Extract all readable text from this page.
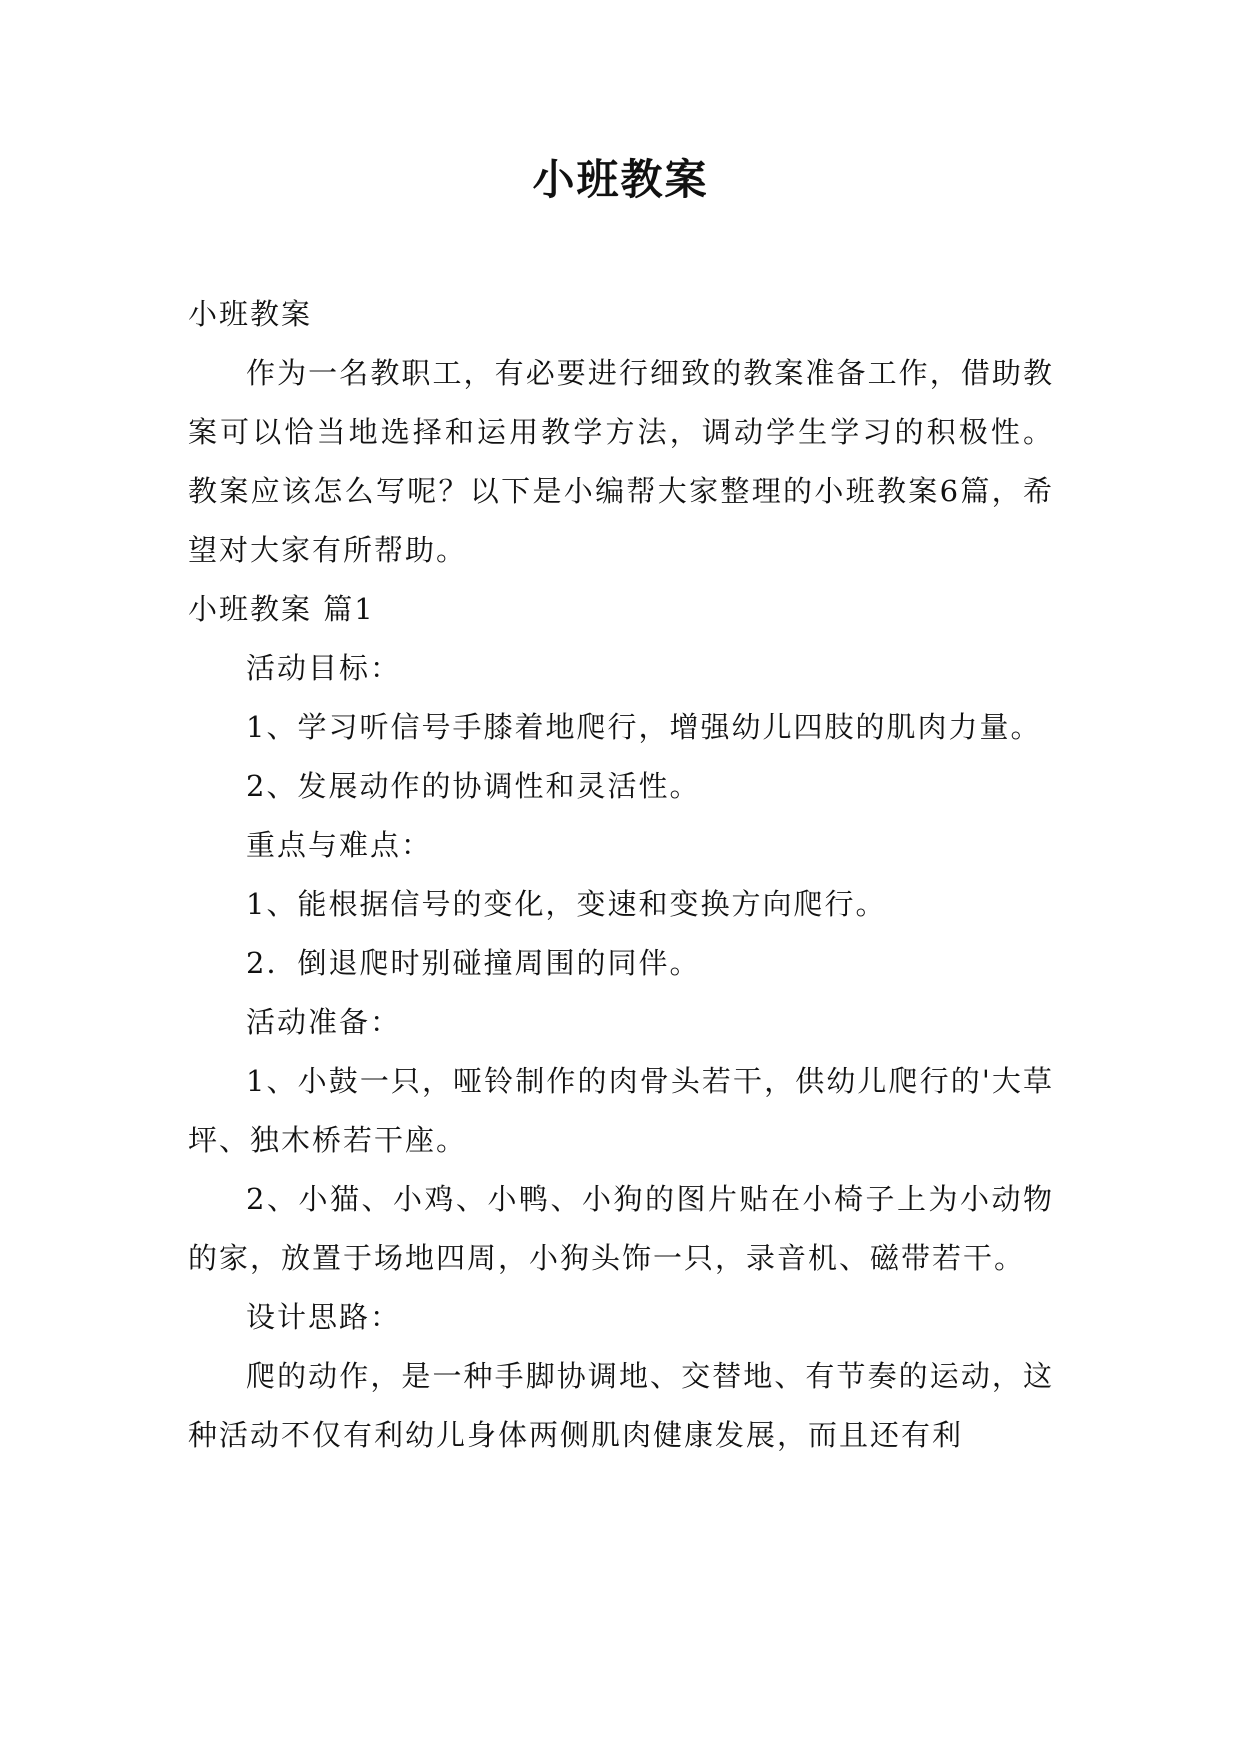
小班教案

小班教案

作为一名教职工，有必要进行细致的教案准备工作，借助教案可以恰当地选择和运用教学方法，调动学生学习的积极性。教案应该怎么写呢？以下是小编帮大家整理的小班教案6篇，希望对大家有所帮助。

小班教案 篇1

活动目标：

1、学习听信号手膝着地爬行，增强幼儿四肢的肌肉力量。

2、发展动作的协调性和灵活性。

重点与难点：

1、能根据信号的变化，变速和变换方向爬行。

2．倒退爬时别碰撞周围的同伴。

活动准备：

1、小鼓一只，哑铃制作的肉骨头若干，供幼儿爬行的'大草坪、独木桥若干座。

2、小猫、小鸡、小鸭、小狗的图片贴在小椅子上为小动物的家，放置于场地四周，小狗头饰一只，录音机、磁带若干。

设计思路：

爬的动作，是一种手脚协调地、交替地、有节奏的运动，这种活动不仅有利幼儿身体两侧肌肉健康发展，而且还有利
